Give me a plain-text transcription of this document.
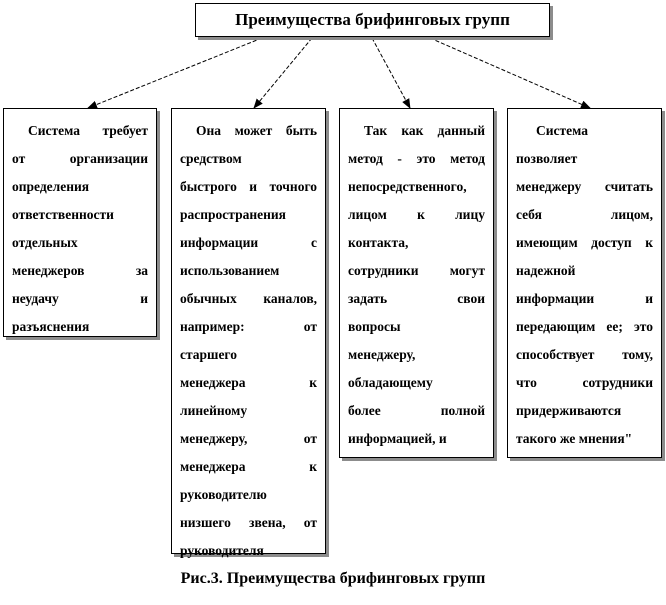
Преимущества брифинговых групп
Система требует
от организации
определения
ответственности
отдельных
менеджеров за
неудачу и
разъяснения
Она может быть
средством
быстрого и точного
распространения
информации с
использованием
обычных каналов,
например: от
старшего
менеджера к
линейному
менеджеру, от
менеджера к
руководителю
низшего звена, от
руководителя
Так как данный
метод - это метод
непосредственного,
лицом к лицу
контакта,
сотрудники могут
задать свои
вопросы
менеджеру,
обладающему
более полной
информацией, и
Система
позволяет
менеджеру считать
себя лицом,
имеющим доступ к
надежной
информации и
передающим ее; это
способствует тому,
что сотрудники
придерживаются
такого же мнения"
Рис.3. Преимущества брифинговых групп
